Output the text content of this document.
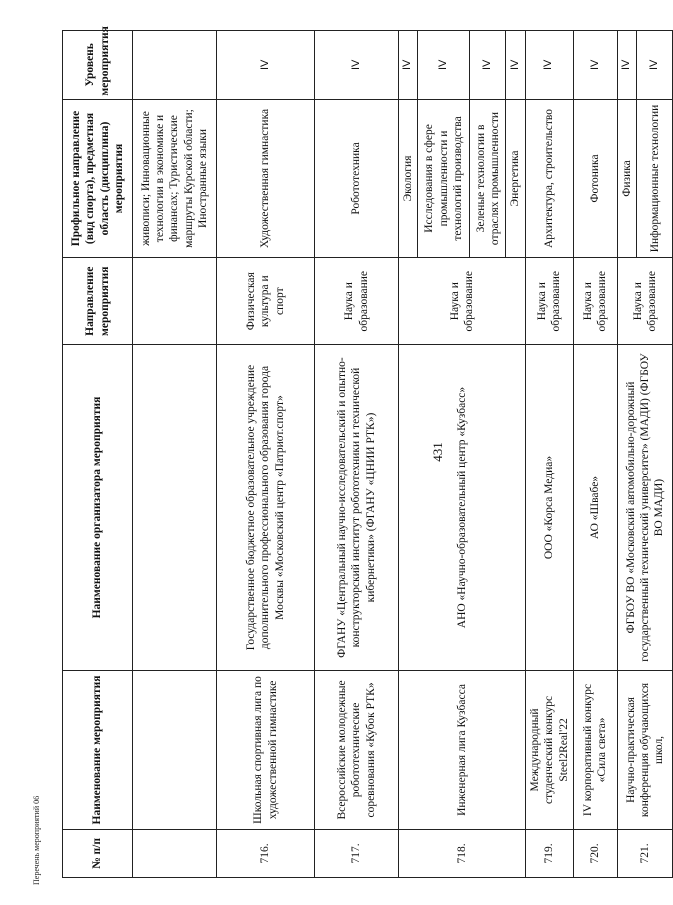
431
Перечень мероприятий 06	№ п/п	Наименование мероприятия	Наименование организатора мероприятия	Направление мероприятия	Профильное направление (вид спорта), предметная область (дисциплина) мероприятия	Уровень мероприятия
				живописи; Инновационные технологии в экономике и финансах; Туристические маршруты Курской области; Иностранные языки	
716.	Школьная спортивная лига по художественной гимнастике	Государственное бюджетное образовательное учреждение дополнительного профессионального образования города Москвы «Московский центр «Патриот.спорт»	Физическая культура и спорт	Художественная гимнастика	IV
717.	Всероссийские молодежные робототехнические соревнования «Кубок РТК»	ФГАНУ «Центральный научно-исследовательский и опытно-конструкторский институт робототехники и технической кибернетики» (ФГАНУ «ЦНИИ РТК»)	Наука и образование	Робототехника	IV
718.	Инженерная лига Кузбасса	АНО «Научно-образовательный центр «Кузбасс»	Наука и образование	Экология	IV
				Исследования в сфере промышленности и технологий производства	IV
				Зеленые технологии в отраслях промышленности	IV
				Энергетика	IV
719.	Международный студенческий конкурс Steel2Real'22	ООО «Корса Медиа»	Наука и образование	Архитектура, строительство	IV
720.	IV корпоративный конкурс «Сила света»	АО «Швабе»	Наука и образование	Фотоника	IV
721.	Научно-практическая конференция обучающихся школ,	ФГБОУ ВО «Московский автомобильно-дорожный государственный технический университет» (МАДИ) (ФГБОУ ВО МАДИ)	Наука и образование	Физика	IV
				Информационные технологии	IV
